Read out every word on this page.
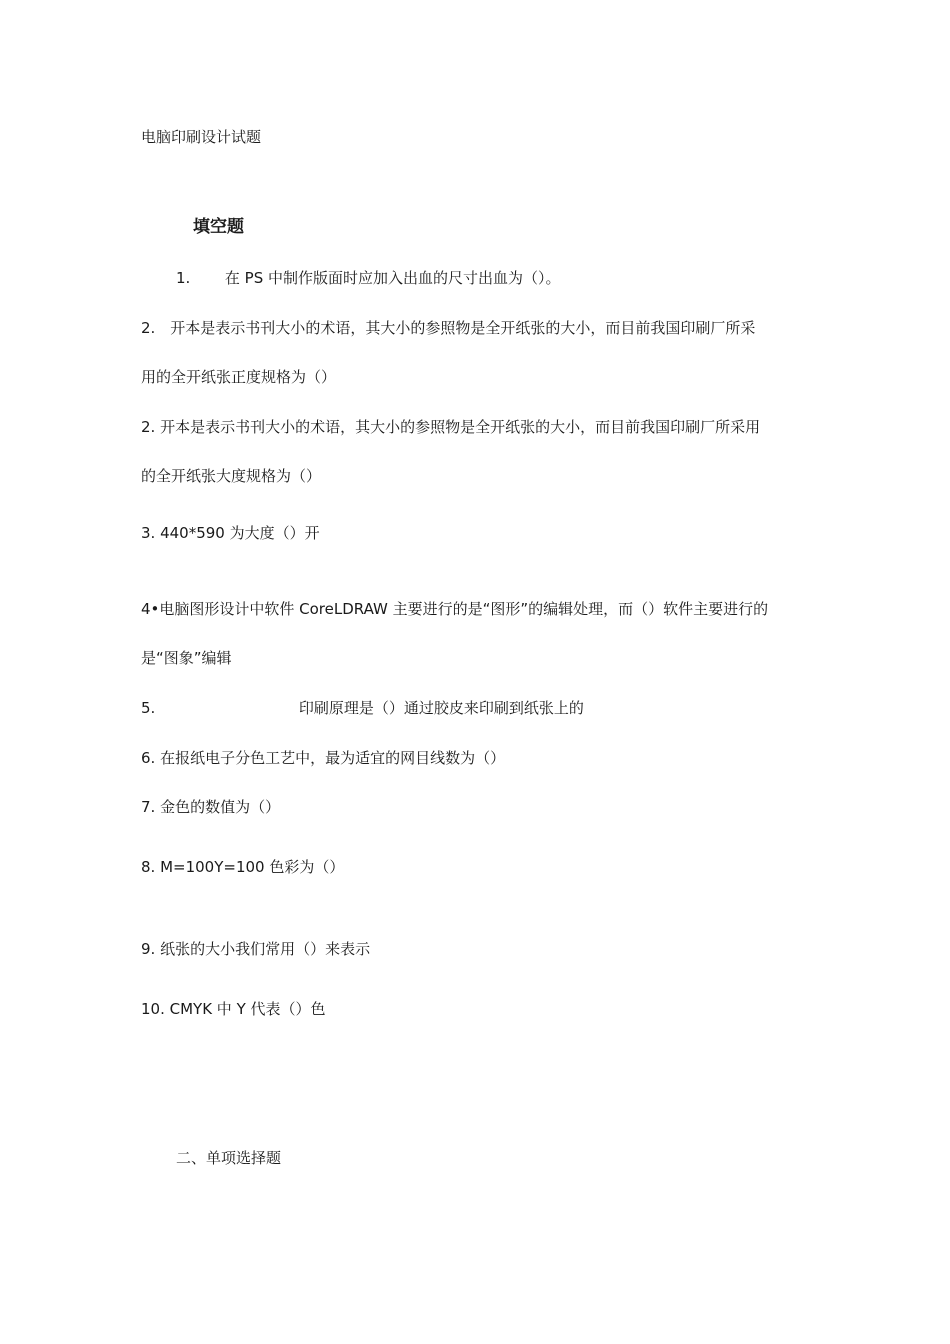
电脑印刷设计试题
填空题
1. 在 PS 中制作版面时应加入出血的尺寸出血为（）。
2.　开本是表示书刊大小的术语，其大小的参照物是全开纸张的大小，而目前我国印刷厂所采
用的全开纸张正度规格为（）
2. 开本是表示书刊大小的术语，其大小的参照物是全开纸张的大小，而目前我国印刷厂所采用
的全开纸张大度规格为（）
3. 440*590 为大度（）开
4•电脑图形设计中软件 CoreLDRAW 主要进行的是“图形”的编辑处理，而（）软件主要进行的
是“图象”编辑
5.	印刷原理是（）通过胶皮来印刷到纸张上的
6. 在报纸电子分色工艺中，最为适宜的网目线数为（）
7. 金色的数值为（）
8. M=100Y=100 色彩为（）
9. 纸张的大小我们常用（）来表示
10. CMYK 中 Y 代表（）色
二、单项选择题
